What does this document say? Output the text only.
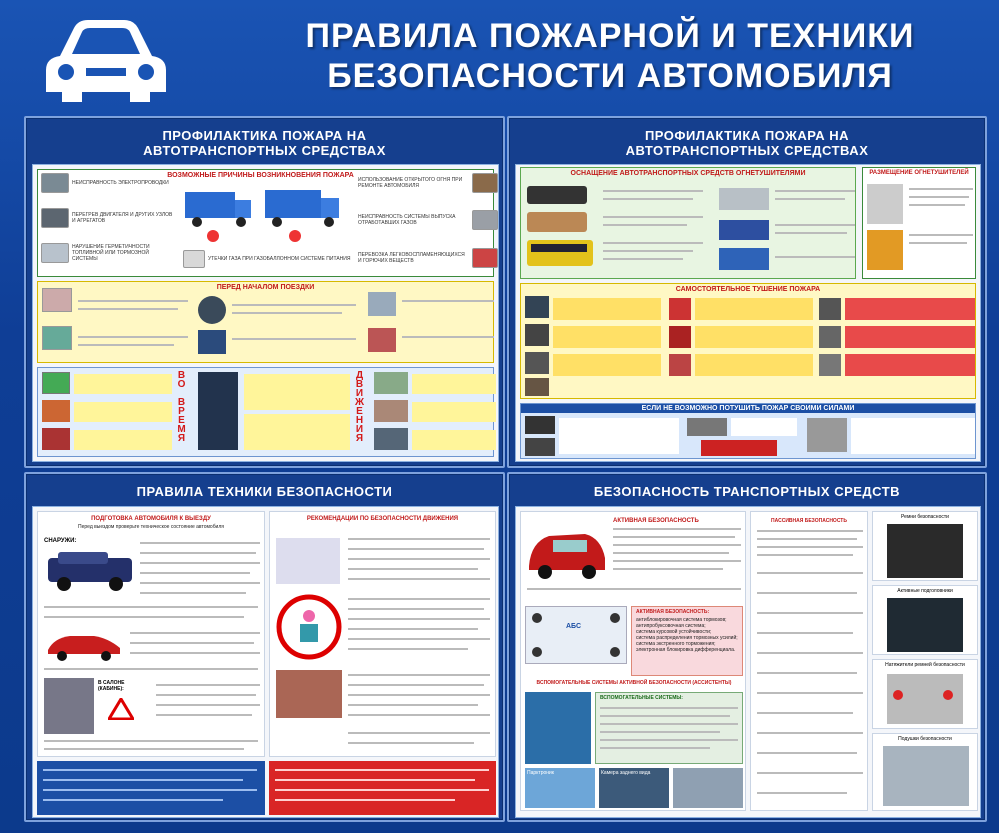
ПРАВИЛА ПОЖАРНОЙ И ТЕХНИКИ
БЕЗОПАСНОСТИ АВТОМОБИЛЯ
ПРОФИЛАКТИКА ПОЖАРА НА
АВТОТРАНСПОРТНЫХ СРЕДСТВАХ
ВОЗМОЖНЫЕ ПРИЧИНЫ ВОЗНИКНОВЕНИЯ ПОЖАРА
НЕИСПРАВНОСТЬ ЭЛЕКТРОПРОВОДКИ
ПЕРЕГРЕВ ДВИГАТЕЛЯ И ДРУГИХ УЗЛОВ И АГРЕГАТОВ
НАРУШЕНИЕ ГЕРМЕТИЧНОСТИ ТОПЛИВНОЙ ИЛИ ТОРМОЗНОЙ СИСТЕМЫ	УТЕЧКИ ГАЗА ПРИ ГАЗОБАЛЛОННОМ СИСТЕМЕ ПИТАНИЯ
ИСПОЛЬЗОВАНИЕ ОТКРЫТОГО ОГНЯ ПРИ РЕМОНТЕ АВТОМОБИЛЯ
НЕИСПРАВНОСТЬ СИСТЕМЫ ВЫПУСКА ОТРАБОТАВШИХ ГАЗОВ
ПЕРЕВОЗКА ЛЕГКОВОСПЛАМЕНЯЮЩИХСЯ И ГОРЮЧИХ ВЕЩЕСТВ
ПЕРЕД НАЧАЛОМ ПОЕЗДКИ
ВО ВРЕМЯ	ДВИЖЕНИЯ
ПРОФИЛАКТИКА ПОЖАРА НА
АВТОТРАНСПОРТНЫХ СРЕДСТВАХ
ОСНАЩЕНИЕ АВТОТРАНСПОРТНЫХ СРЕДСТВ ОГНЕТУШИТЕЛЯМИ	РАЗМЕЩЕНИЕ ОГНЕТУШИТЕЛЕЙ
САМОСТОЯТЕЛЬНОЕ ТУШЕНИЕ ПОЖАРА
ЕСЛИ НЕ ВОЗМОЖНО ПОТУШИТЬ ПОЖАР СВОИМИ СИЛАМИ
ПРАВИЛА ТЕХНИКИ БЕЗОПАСНОСТИ
ПОДГОТОВКА АВТОМОБИЛЯ К ВЫЕЗДУ
Перед выездом проверьте техническое состояние автомобиля
СНАРУЖИ:
В САЛОНЕ (КАБИНЕ):
РЕКОМЕНДАЦИИ ПО БЕЗОПАСНОСТИ ДВИЖЕНИЯ
БЕЗОПАСНОСТЬ ТРАНСПОРТНЫХ СРЕДСТВ
АКТИВНАЯ БЕЗОПАСНОСТЬ
АБС
АКТИВНАЯ БЕЗОПАСНОСТЬ:
антиблокировочная система тормозов;
антипробуксовочная система;
система курсовой устойчивости;
система распределения тормозных усилий;
система экстренного торможения;
электронная блокировка дифференциала.
ВСПОМОГАТЕЛЬНЫЕ СИСТЕМЫ АКТИВНОЙ БЕЗОПАСНОСТИ (АССИСТЕНТЫ)
ВСПОМОГАТЕЛЬНЫЕ СИСТЕМЫ:
Парктроник	Камера заднего вида
ПАССИВНАЯ БЕЗОПАСНОСТЬ
Ремни безопасности
Активные подголовники
Натяжители ремней безопасности
Подушки безопасности
